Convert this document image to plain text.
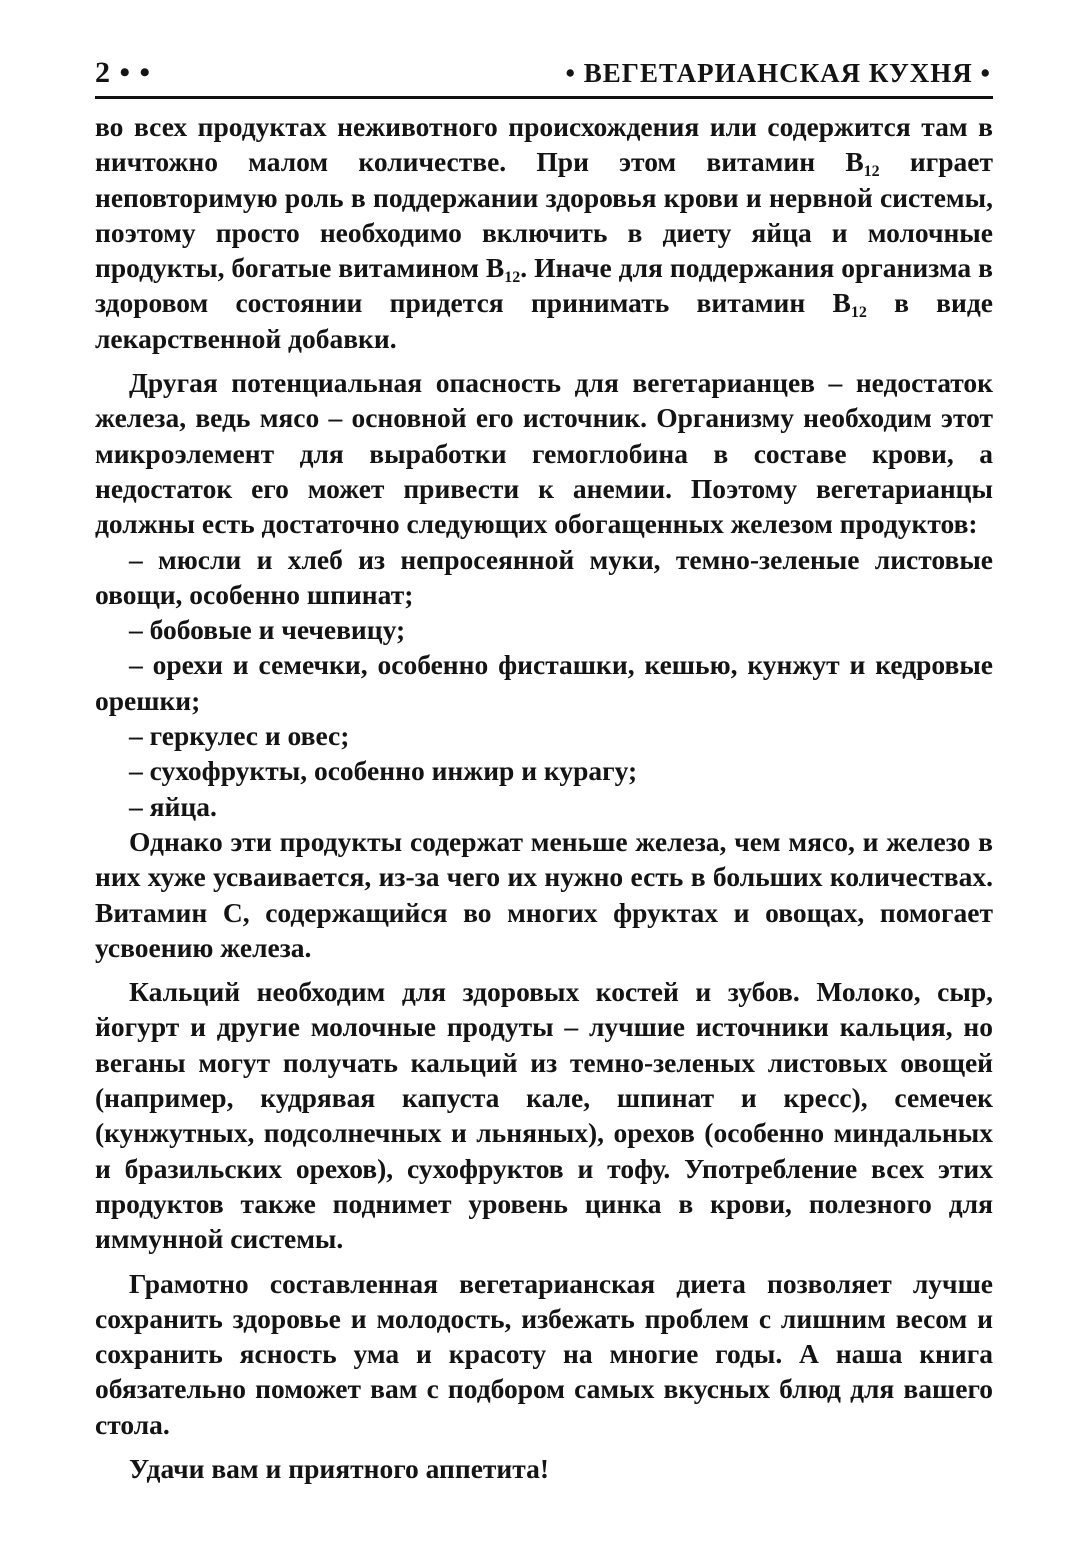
2 • •	• ВЕГЕТАРИАНСКАЯ КУХНЯ •

во всех продуктах неживотного происхождения или содержится там в ничтожно малом количестве. При этом витамин $В_{12}$ играет неповторимую роль в поддержании здоровья крови и нервной системы, поэтому просто необходимо включить в диету яйца и молочные продукты, богатые витамином $В_{12}$. Иначе для поддержания организма в здоровом состоянии придется принимать витамин $В_{12}$ в виде лекарственной добавки.

Другая потенциальная опасность для вегетарианцев – недостаток железа, ведь мясо – основной его источник. Организму необходим этот микроэлемент для выработки гемоглобина в составе крови, а недостаток его может привести к анемии. Поэтому вегетарианцы должны есть достаточно следующих обогащенных железом продуктов:

– мюсли и хлеб из непросеянной муки, темно-зеленые листовые овощи, особенно шпинат;

– бобовые и чечевицу;

– орехи и семечки, особенно фисташки, кешью, кунжут и кедровые орешки;

– геркулес и овес;

– сухофрукты, особенно инжир и курагу;

– яйца.

Однако эти продукты содержат меньше железа, чем мясо, и железо в них хуже усваивается, из-за чего их нужно есть в больших количествах. Витамин С, содержащийся во многих фруктах и овощах, помогает усвоению железа.

Кальций необходим для здоровых костей и зубов. Молоко, сыр, йогурт и другие молочные продуты – лучшие источники кальция, но веганы могут получать кальций из темно-зеленых листовых овощей (например, кудрявая капуста кале, шпинат и кресс), семечек (кунжутных, подсолнечных и льняных), орехов (особенно миндальных и бразильских орехов), сухофруктов и тофу. Употребление всех этих продуктов также поднимет уровень цинка в крови, полезного для иммунной системы.

Грамотно составленная вегетарианская диета позволяет лучше сохранить здоровье и молодость, избежать проблем с лишним весом и сохранить ясность ума и красоту на многие годы. А наша книга обязательно поможет вам с подбором самых вкусных блюд для вашего стола.

Удачи вам и приятного аппетита!
